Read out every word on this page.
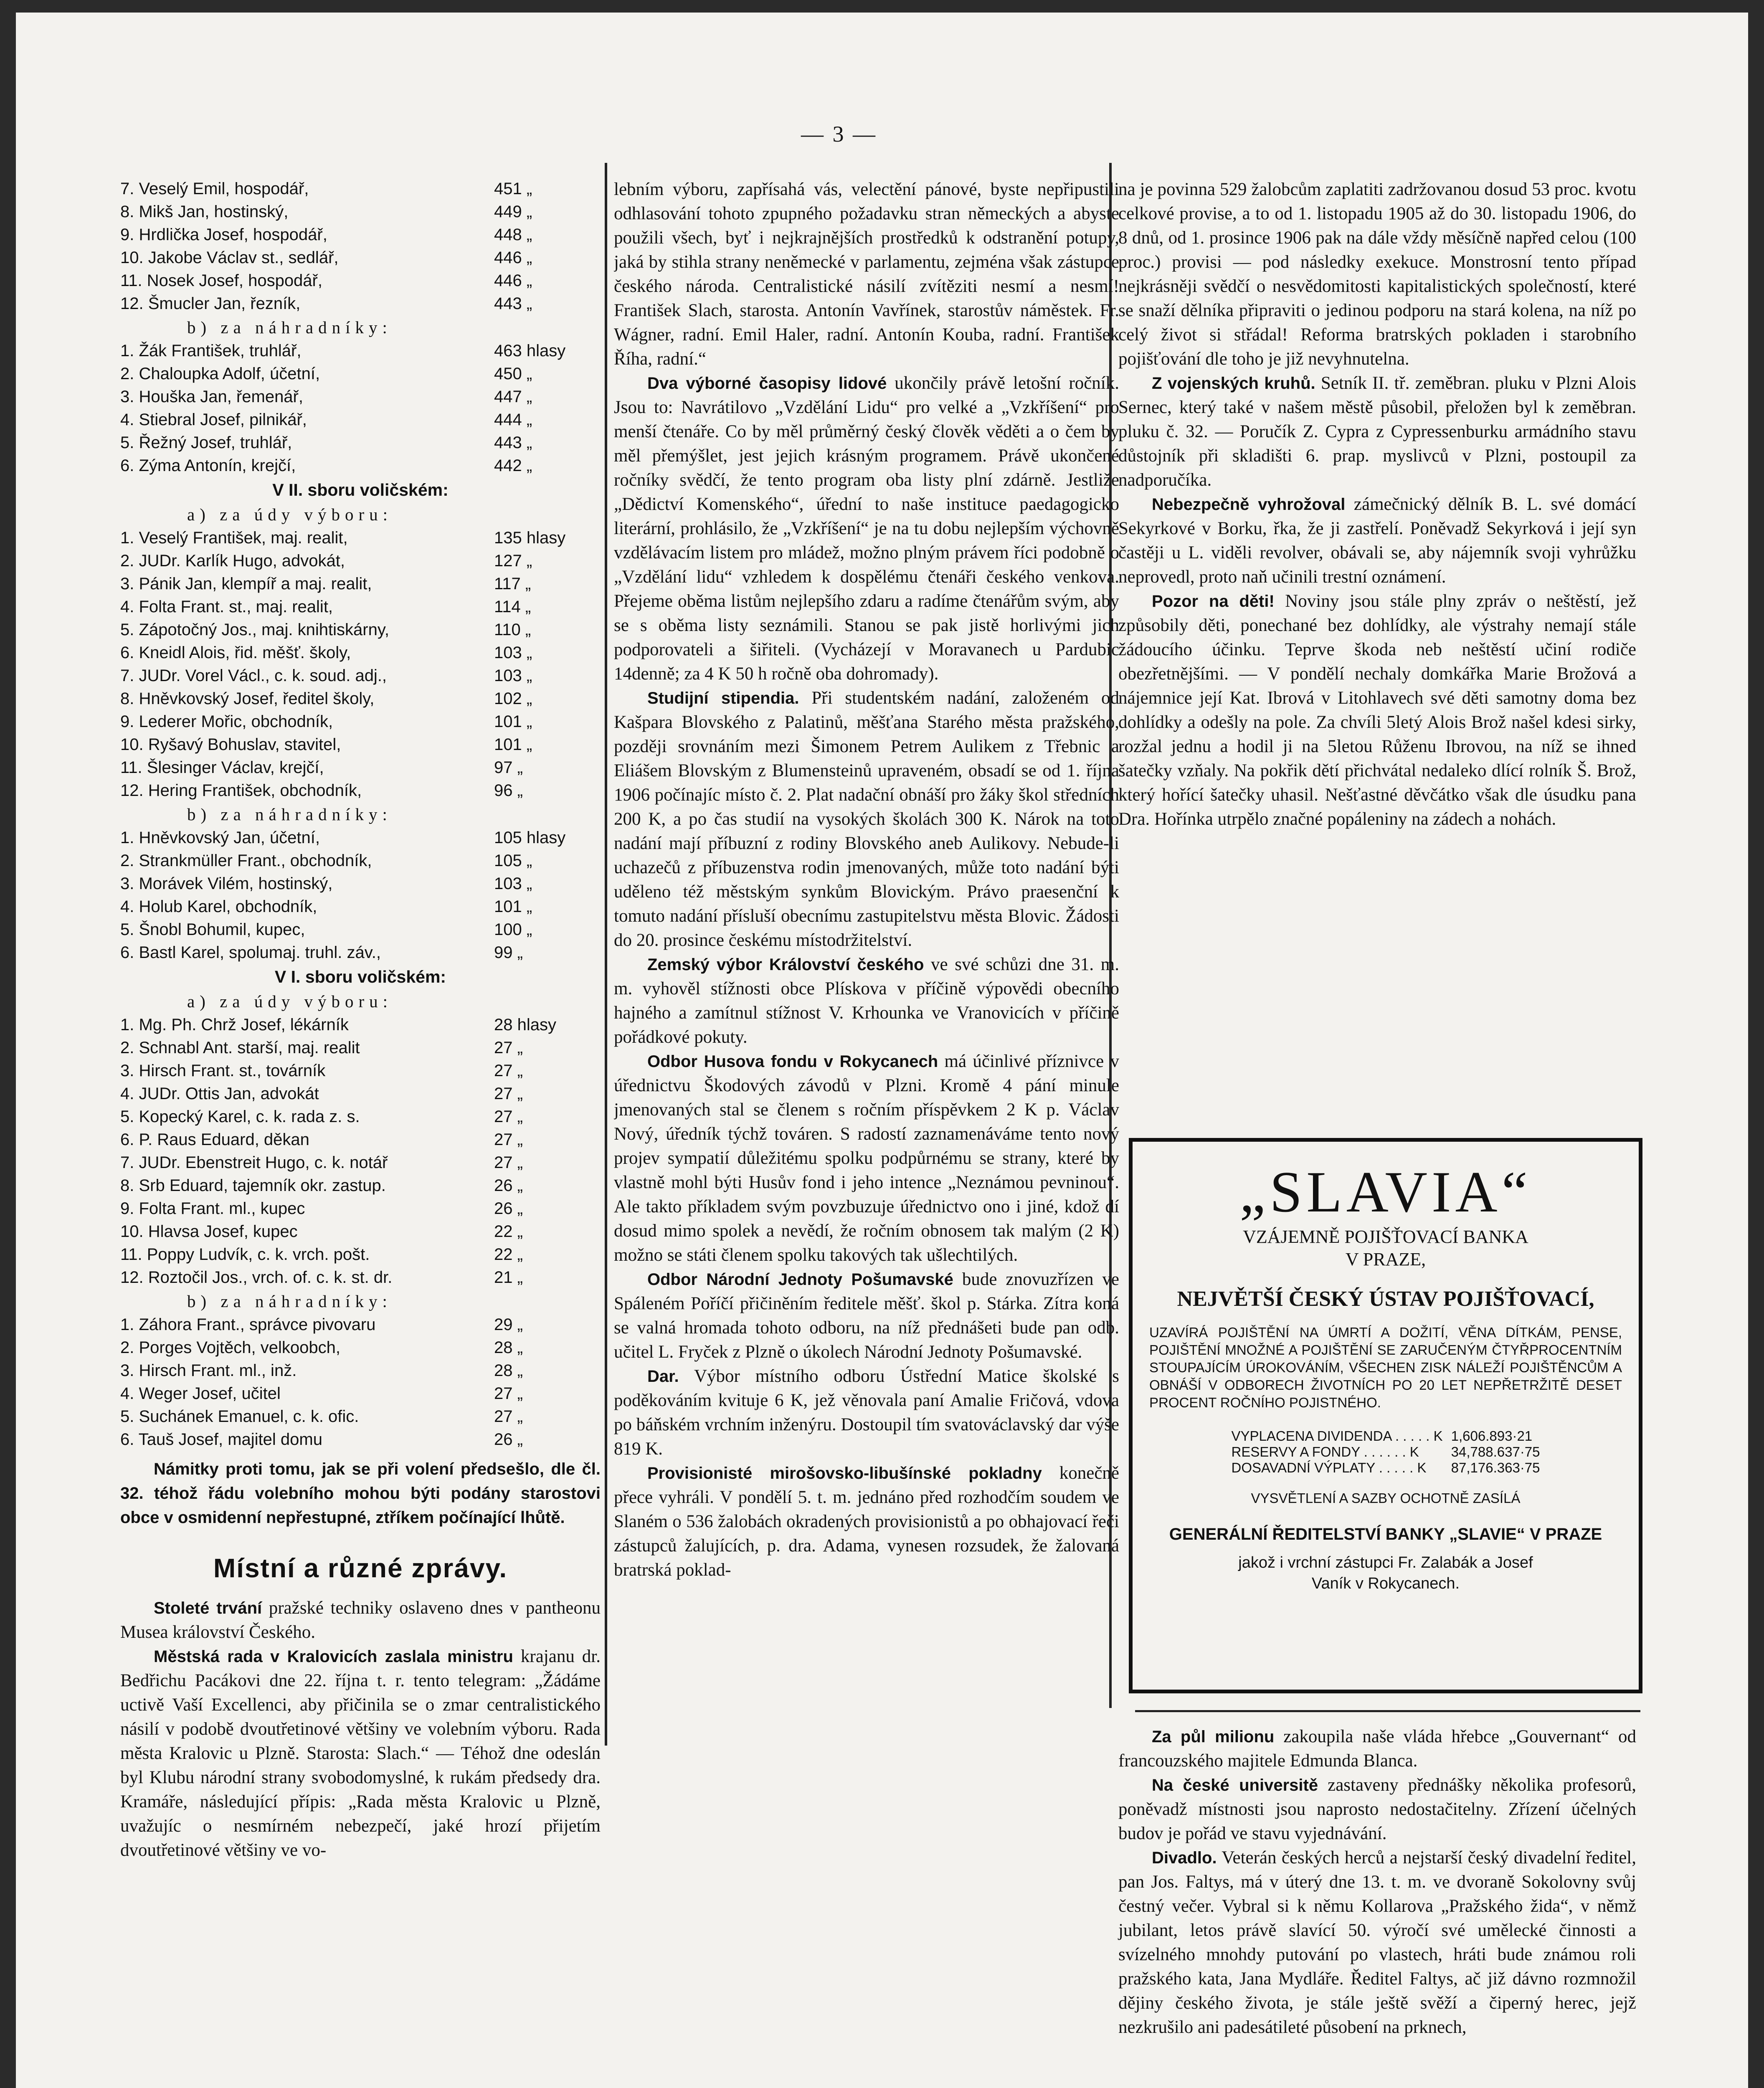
— 3 —
7. Veselý Emil, hospodář,	451 „
8. Mikš Jan, hostinský,	449 „
9. Hrdlička Josef, hospodář,	448 „
10. Jakobe Václav st., sedlář,	446 „
11. Nosek Josef, hospodář,	446 „
12. Šmucler Jan, řezník,	443 „
b) za náhradníky:
1. Žák František, truhlář,	463 hlasy
2. Chaloupka Adolf, účetní,	450 „
3. Houška Jan, řemenář,	447 „
4. Stiebral Josef, pilnikář,	444 „
5. Řežný Josef, truhlář,	443 „
6. Zýma Antonín, krejčí,	442 „
V II. sboru voličském:
a) za údy výboru:
1. Veselý František, maj. realit,	135 hlasy
2. JUDr. Karlík Hugo, advokát,	127 „
3. Pánik Jan, klempíř a maj. realit,	117 „
4. Folta Frant. st., maj. realit,	114 „
5. Zápotočný Jos., maj. knihtiskárny,	110 „
6. Kneidl Alois, řid. měšť. školy,	103 „
7. JUDr. Vorel Václ., c. k. soud. adj.,	103 „
8. Hněvkovský Josef, ředitel školy,	102 „
9. Lederer Mořic, obchodník,	101 „
10. Ryšavý Bohuslav, stavitel,	101 „
11. Šlesinger Václav, krejčí,	97 „
12. Hering František, obchodník,	96 „
b) za náhradníky:
1. Hněvkovský Jan, účetní,	105 hlasy
2. Strankmüller Frant., obchodník,	105 „
3. Morávek Vilém, hostinský,	103 „
4. Holub Karel, obchodník,	101 „
5. Šnobl Bohumil, kupec,	100 „
6. Bastl Karel, spolumaj. truhl. záv.,	99 „
V I. sboru voličském:
a) za údy výboru:
1. Mg. Ph. Chrž Josef, lékárník	28 hlasy
2. Schnabl Ant. starší, maj. realit	27 „
3. Hirsch Frant. st., továrník	27 „
4. JUDr. Ottis Jan, advokát	27 „
5. Kopecký Karel, c. k. rada z. s.	27 „
6. P. Raus Eduard, děkan	27 „
7. JUDr. Ebenstreit Hugo, c. k. notář	27 „
8. Srb Eduard, tajemník okr. zastup.	26 „
9. Folta Frant. ml., kupec	26 „
10. Hlavsa Josef, kupec	22 „
11. Poppy Ludvík, c. k. vrch. pošt.	22 „
12. Roztočil Jos., vrch. of. c. k. st. dr.	21 „
b) za náhradníky:
1. Záhora Frant., správce pivovaru	29 „
2. Porges Vojtěch, velkoobch,	28 „
3. Hirsch Frant. ml., inž.	28 „
4. Weger Josef, učitel	27 „
5. Suchánek Emanuel, c. k. ofic.	27 „
6. Tauš Josef, majitel domu	26 „

Námitky proti tomu, jak se při volení předsešlo, dle čl. 32. téhož řádu volebního mohou býti podány starostovi obce v osmidenní nepřestupné, ztříkem počínající lhůtě.

Místní a různé zprávy.

Stoleté trvání pražské techniky oslaveno dnes v pantheonu Musea království Českého.

Městská rada v Kralovicích zaslala ministru krajanu dr. Bedřichu Pacákovi dne 22. října t. r. tento telegram: „Žádáme uctivě Vaší Excellenci, aby přičinila se o zmar centralistického násilí v podobě dvoutřetinové většiny ve volebním výboru. Rada města Kralovic u Plzně. Starosta: Slach.“ — Téhož dne odeslán byl Klubu národní strany svobodomyslné, k rukám předsedy dra. Kramáře, následující přípis: „Rada města Kralovic u Plzně, uvažujíc o nesmírném nebezpečí, jaké hrozí přijetím dvoutřetinové většiny ve vo-

lebním výboru, zapřísahá vás, velectění pánové, byste nepřipustili odhlasování tohoto zpupného požadavku stran německých a abyste použili všech, byť i nejkrajnějších prostředků k odstranění potupy, jaká by stihla strany neněmecké v parlamentu, zejména však zástupce českého národa. Centralistické násilí zvítěziti nesmí a nesmí! František Slach, starosta. Antonín Vavřínek, starostův náměstek. Fr. Wágner, radní. Emil Haler, radní. Antonín Kouba, radní. František Říha, radní.“

Dva výborné časopisy lidové ukončily právě letošní ročník. Jsou to: Navrátilovo „Vzdělání Lidu“ pro velké a „Vzkříšení“ pro menší čtenáře. Co by měl průměrný český člověk věděti a o čem by měl přemýšlet, jest jejich krásným programem. Právě ukončené ročníky svědčí, že tento program oba listy plní zdárně. Jestliže „Dědictví Komenského“, úřední to naše instituce paedagogicko literární, prohlásilo, že „Vzkříšení“ je na tu dobu nejlepším výchovně vzdělávacím listem pro mládež, možno plným právem říci podobně o „Vzdělání lidu“ vzhledem k dospělému čtenáři českého venkova. Přejeme oběma listům nejlepšího zdaru a radíme čtenářům svým, aby se s oběma listy seznámili. Stanou se pak jistě horlivými jich podporovateli a šiřiteli. (Vycházejí v Moravanech u Pardubic 14denně; za 4 K 50 h ročně oba dohromady).

Studijní stipendia. Při studentském nadání, založeném od Kašpara Blovského z Palatinů, měšťana Starého města pražského, později srovnáním mezi Šimonem Petrem Aulikem z Třebnic a Eliášem Blovským z Blumensteinů upraveném, obsadí se od 1. října 1906 počínajíc místo č. 2. Plat nadační obnáší pro žáky škol středních 200 K, a po čas studií na vysokých školách 300 K. Nárok na toto nadání mají příbuzní z rodiny Blovského aneb Aulikovy. Nebude-li uchazečů z příbuzenstva rodin jmenovaných, může toto nadání býti uděleno též městským synkům Blovickým. Právo praesenční k tomuto nadání přísluší obecnímu zastupitelstvu města Blovic. Žádosti do 20. prosince českému místodržitelství.

Zemský výbor Království českého ve své schůzi dne 31. m. m. vyhověl stížnosti obce Plískova v příčině výpovědi obecního hajného a zamítnul stížnost V. Krhounka ve Vranovicích v příčině pořádkové pokuty.

Odbor Husova fondu v Rokycanech má účinlivé příznivce v úřednictvu Škodových závodů v Plzni. Kromě 4 pání minule jmenovaných stal se členem s ročním příspěvkem 2 K p. Václav Nový, úředník týchž továren. S radostí zaznamenáváme tento nový projev sympatií důležitému spolku podpůrnému se strany, které by vlastně mohl býti Husův fond i jeho intence „Neznámou pevninou“. Ale takto příkladem svým povzbuzuje úřednictvo ono i jiné, kdož dí dosud mimo spolek a nevědí, že ročním obnosem tak malým (2 K) možno se státi členem spolku takových tak ušlechtilých.

Odbor Národní Jednoty Pošumavské bude znovuzřízen ve Spáleném Poříčí přičiněním ředitele měšť. škol p. Stárka. Zítra koná se valná hromada tohoto odboru, na níž přednášeti bude pan odb. učitel L. Fryček z Plzně o úkolech Národní Jednoty Pošumavské.

Dar. Výbor místního odboru Ústřední Matice školské s poděkováním kvituje 6 K, jež věnovala paní Amalie Fričová, vdova po báňském vrchním inženýru. Dostoupil tím svatováclavský dar výše 819 K.

Provisionisté mirošovsko-libušínské pokladny konečně přece vyhráli. V pondělí 5. t. m. jednáno před rozhodčím soudem ve Slaném o 536 žalobách okradených provisionistů a po obhajovací řeči zástupců žalujících, p. dra. Adama, vynesen rozsudek, že žalovaná bratrská poklad-

na je povinna 529 žalobcům zaplatiti zadržovanou dosud 53 proc. kvotu celkové provise, a to od 1. listopadu 1905 až do 30. listopadu 1906, do 8 dnů, od 1. prosince 1906 pak na dále vždy měsíčně napřed celou (100 proc.) provisi — pod následky exekuce. Monstrosní tento případ nejkrásněji svědčí o nesvědomitosti kapitalistických společností, které se snaží dělníka připraviti o jedinou podporu na stará kolena, na níž po celý život si střádal! Reforma bratrských pokladen i starobního pojišťování dle toho je již nevyhnutelna.

Z vojenských kruhů. Setník II. tř. zeměbran. pluku v Plzni Alois Sernec, který také v našem městě působil, přeložen byl k zeměbran. pluku č. 32. — Poručík Z. Cypra z Cypressenburku armádního stavu důstojník při skladišti 6. prap. myslivců v Plzni, postoupil za nadporučíka.

Nebezpečně vyhrožoval zámečnický dělník B. L. své domácí Sekyrkové v Borku, řka, že ji zastřelí. Poněvadž Sekyrková i její syn častěji u L. viděli revolver, obávali se, aby nájemník svoji vyhrůžku neprovedl, proto naň učinili trestní oznámení.

Pozor na děti! Noviny jsou stále plny zpráv o neštěstí, jež způsobily děti, ponechané bez dohlídky, ale výstrahy nemají stále žádoucího účinku. Teprve škoda neb neštěstí učiní rodiče obezřetnějšími. — V pondělí nechaly domkářka Marie Brožová a nájemnice její Kat. Ibrová v Litohlavech své děti samotny doma bez dohlídky a odešly na pole. Za chvíli 5letý Alois Brož našel kdesi sirky, rozžal jednu a hodil ji na 5letou Růženu Ibrovou, na níž se ihned šatečky vzňaly. Na pokřik dětí přichvátal nedaleko dlící rolník Š. Brož, který hořící šatečky uhasil. Nešťastné děvčátko však dle úsudku pana Dra. Hořínka utrpělo značné popáleniny na zádech a nohách.

„SLAVIA“
VZÁJEMNĚ POJIŠŤOVACÍ BANKA
V PRAZE,
NEJVĚTŠÍ ČESKÝ ÚSTAV POJIŠŤOVACÍ,
UZAVÍRÁ POJIŠTĚNÍ NA ÚMRTÍ A DOŽITÍ, VĚNA DÍTKÁM, PENSE, POJIŠTĚNÍ MNOŽNÉ A POJIŠTĚNÍ SE ZARUČENÝM ČTYŘPROCENTNÍM STOUPAJÍCÍM ÚROKOVÁNÍM, VŠECHEN ZISK NÁLEŽÍ POJIŠTĚNCŮM A OBNÁŠÍ V ODBORECH ŽIVOTNÍCH PO 20 LET NEPŘETRŽITĚ DESET PROCENT ROČNÍHO POJISTNÉHO.
VYPLACENA DIVIDENDA . . . . . K	1,606.893·21
RESERVY A FONDY . . . . . . K	34,788.637·75
DOSAVADNÍ VÝPLATY . . . . . K	87,176.363·75
VYSVĚTLENÍ A SAZBY OCHOTNĚ ZASÍLÁ
GENERÁLNÍ ŘEDITELSTVÍ BANKY „SLAVIE“ V PRAZE
jakož i vrchní zástupci Fr. Zalabák a Josef
Vaník v Rokycanech.

Za půl milionu zakoupila naše vláda hřebce „Gouvernant“ od francouzského majitele Edmunda Blanca.

Na české universitě zastaveny přednášky několika profesorů, poněvadž místnosti jsou naprosto nedostačitelny. Zřízení účelných budov je pořád ve stavu vyjednávání.

Divadlo. Veterán českých herců a nejstarší český divadelní ředitel, pan Jos. Faltys, má v úterý dne 13. t. m. ve dvoraně Sokolovny svůj čestný večer. Vybral si k němu Kollarova „Pražského žida“, v němž jubilant, letos právě slavící 50. výročí své umělecké činnosti a svízelného mnohdy putování po vlastech, hráti bude známou roli pražského kata, Jana Mydláře. Ředitel Faltys, ač již dávno rozmnožil dějiny českého života, je stále ještě svěží a čiperný herec, jejž nezkrušilo ani padesátileté působení na prknech,
